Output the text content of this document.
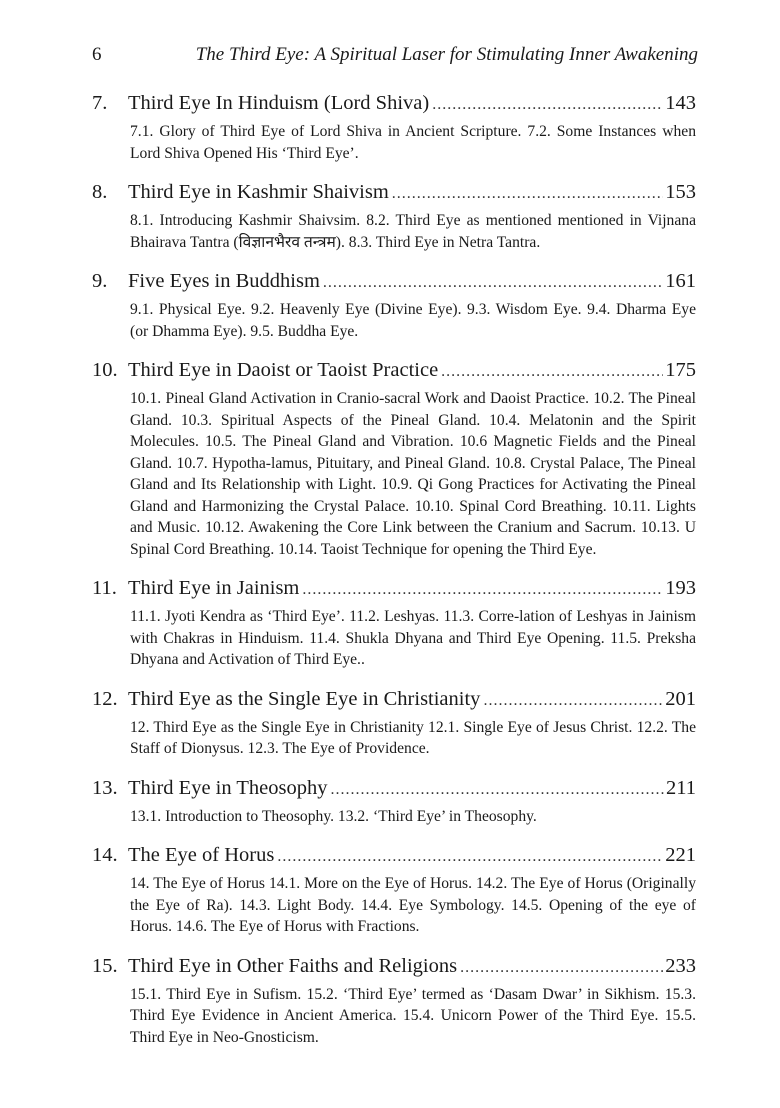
6	The Third Eye: A Spiritual Laser for Stimulating Inner Awakening
7.	Third Eye In Hinduism (Lord Shiva) .....	143
7.1. Glory of Third Eye of Lord Shiva in Ancient Scripture. 7.2. Some Instances when Lord Shiva Opened His ‘Third Eye’.
8.	Third Eye in Kashmir Shaivism .....	153
8.1. Introducing Kashmir Shaivsim. 8.2. Third Eye as mentioned mentioned in Vijnana Bhairava Tantra (विज्ञानभैरव तन्त्रम). 8.3. Third Eye in Netra Tantra.
9.	Five Eyes in Buddhism .....	161
9.1. Physical Eye. 9.2. Heavenly Eye (Divine Eye). 9.3. Wisdom Eye. 9.4. Dharma Eye (or Dhamma Eye). 9.5. Buddha Eye.
10. Third Eye in Daoist or Taoist Practice .....	175
10.1. Pineal Gland Activation in Cranio-sacral Work and Daoist Practice. 10.2. The Pineal Gland. 10.3. Spiritual Aspects of the Pineal Gland. 10.4. Melatonin and the Spirit Molecules. 10.5. The Pineal Gland and Vibration. 10.6 Magnetic Fields and the Pineal Gland. 10.7. Hypotha-lamus, Pituitary, and Pineal Gland. 10.8. Crystal Palace, The Pineal Gland and Its Relationship with Light. 10.9. Qi Gong Practices for Activating the Pineal Gland and Harmonizing the Crystal Palace. 10.10. Spinal Cord Breathing. 10.11. Lights and Music. 10.12. Awakening the Core Link between the Cranium and Sacrum. 10.13. U Spinal Cord Breathing. 10.14. Taoist Technique for opening the Third Eye.
11. Third Eye in Jainism .....	193
11.1. Jyoti Kendra as ‘Third Eye’. 11.2. Leshyas. 11.3. Corre-lation of Leshyas in Jainism with Chakras in Hinduism. 11.4. Shukla Dhyana and Third Eye Opening. 11.5. Preksha Dhyana and Activation of Third Eye..
12. Third Eye as the Single Eye in Christianity .....	201
12. Third Eye as the Single Eye in Christianity 12.1. Single Eye of Jesus Christ. 12.2. The Staff of Dionysus. 12.3. The Eye of Providence.
13. Third Eye in Theosophy .....	211
13.1. Introduction to Theosophy. 13.2. ‘Third Eye’ in Theosophy.
14. The Eye of Horus .....	221
14. The Eye of Horus 14.1. More on the Eye of Horus. 14.2. The Eye of Horus (Originally the Eye of Ra). 14.3. Light Body. 14.4. Eye Symbology. 14.5. Opening of the eye of Horus. 14.6. The Eye of Horus with Fractions.
15. Third Eye in Other Faiths and Religions .....	233
15.1. Third Eye in Sufism. 15.2. ‘Third Eye’ termed as ‘Dasam Dwar’ in Sikhism. 15.3. Third Eye Evidence in Ancient America. 15.4. Unicorn Power of the Third Eye. 15.5. Third Eye in Neo-Gnosticism.
